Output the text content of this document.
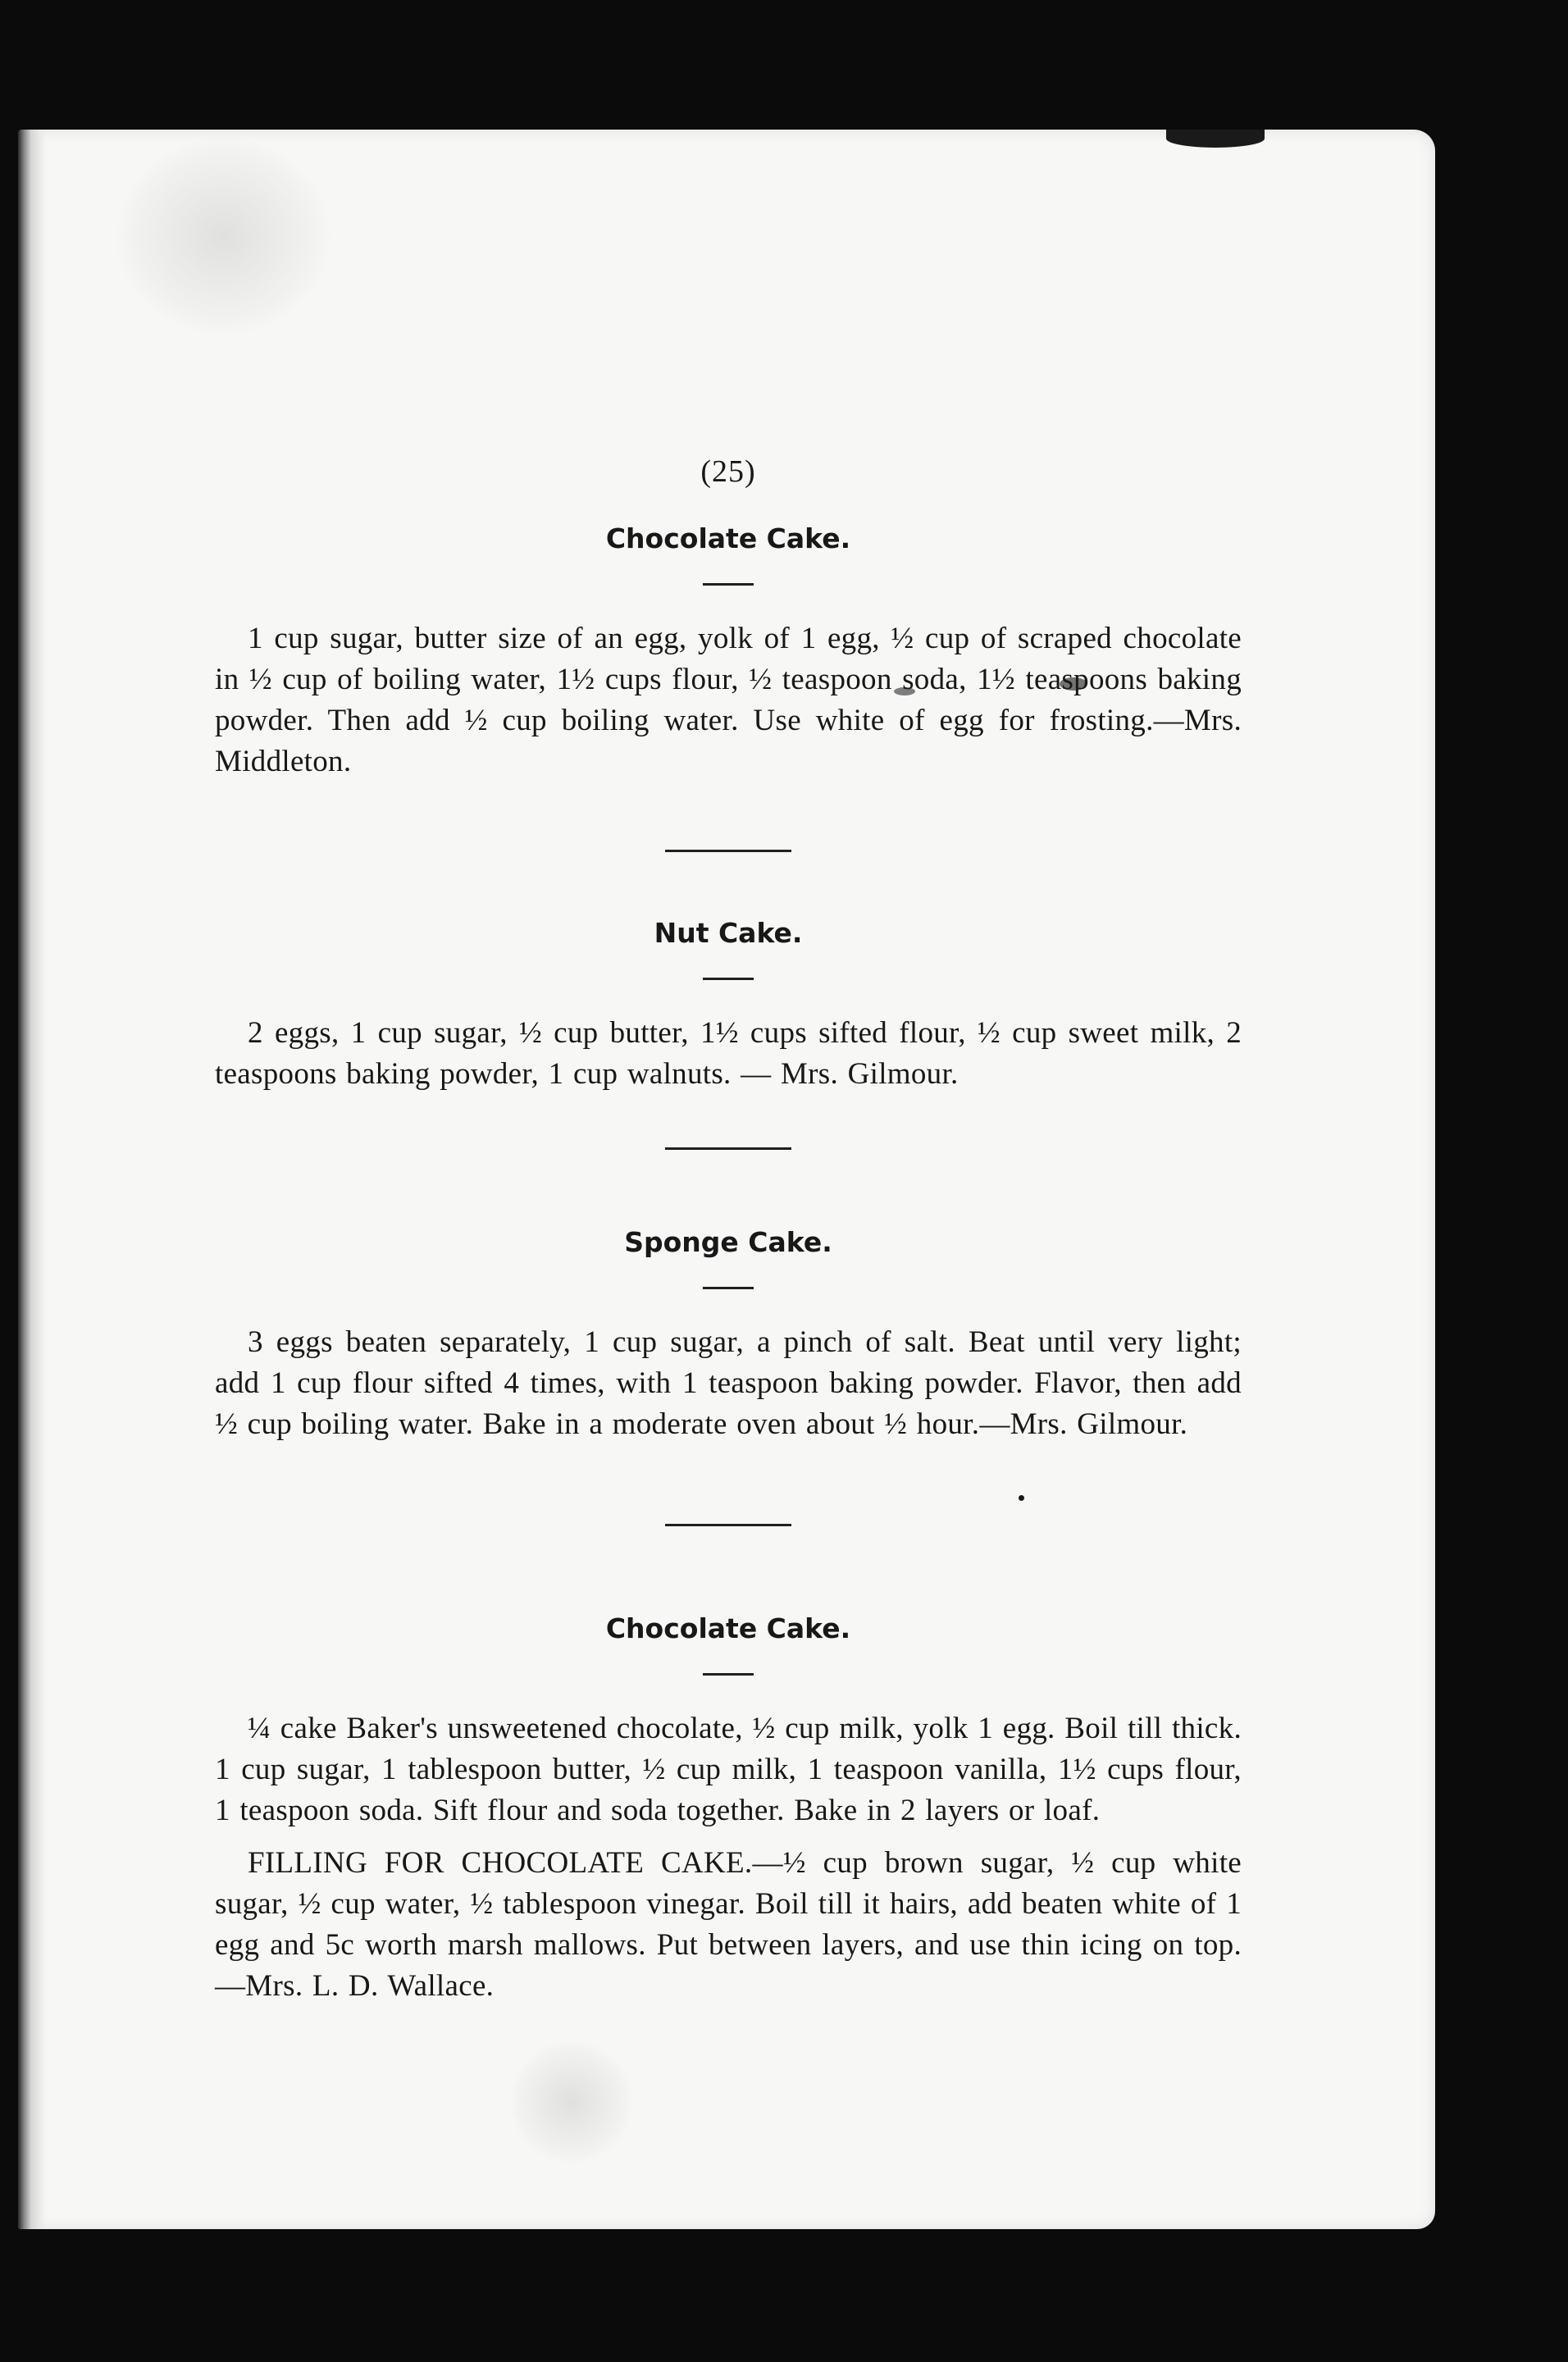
(25)
Chocolate Cake.

1 cup sugar, butter size of an egg, yolk of 1 egg, ½ cup of scraped chocolate in ½ cup of boiling water, 1½ cups flour, ½ teaspoon soda, 1½ teaspoons baking powder. Then add ½ cup boiling water. Use white of egg for frosting.—Mrs. Middleton.

Nut Cake.

2 eggs, 1 cup sugar, ½ cup butter, 1½ cups sifted flour, ½ cup sweet milk, 2 teaspoons baking powder, 1 cup walnuts. — Mrs. Gilmour.

Sponge Cake.

3 eggs beaten separately, 1 cup sugar, a pinch of salt. Beat until very light; add 1 cup flour sifted 4 times, with 1 teaspoon baking powder. Flavor, then add ½ cup boiling water. Bake in a moderate oven about ½ hour.—Mrs. Gilmour.

Chocolate Cake.

¼ cake Baker's unsweetened chocolate, ½ cup milk, yolk 1 egg. Boil till thick. 1 cup sugar, 1 tablespoon butter, ½ cup milk, 1 teaspoon vanilla, 1½ cups flour, 1 teaspoon soda. Sift flour and soda together. Bake in 2 layers or loaf.

FILLING FOR CHOCOLATE CAKE.—½ cup brown sugar, ½ cup white sugar, ½ cup water, ½ tablespoon vinegar. Boil till it hairs, add beaten white of 1 egg and 5c worth marsh mallows. Put between layers, and use thin icing on top.—Mrs. L. D. Wallace.
